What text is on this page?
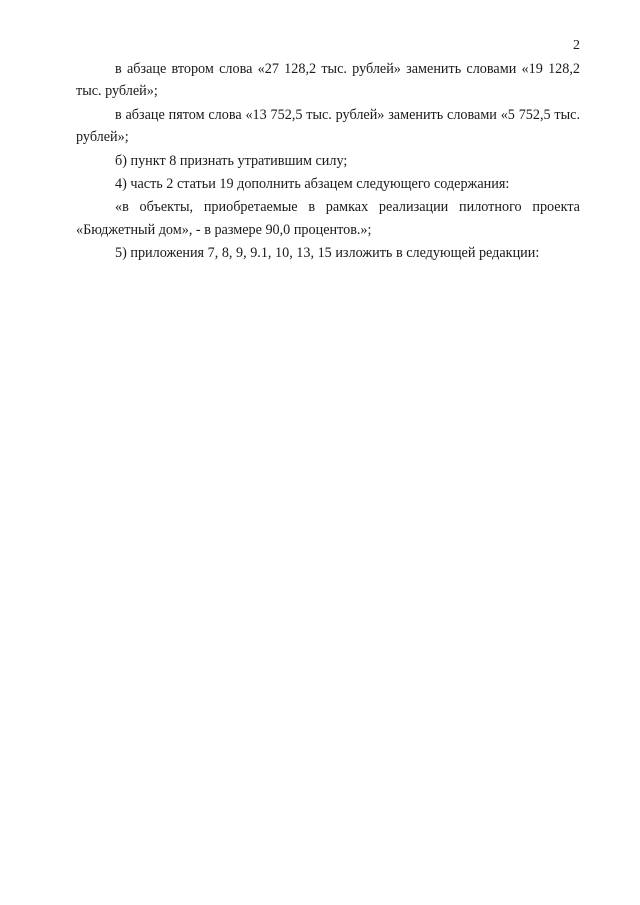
2

в абзаце втором слова «27 128,2 тыс. рублей» заменить словами «19 128,2 тыс. рублей»;

в абзаце пятом слова «13 752,5 тыс. рублей» заменить словами «5 752,5 тыс. рублей»;

б) пункт 8 признать утратившим силу;

4) часть 2 статьи 19 дополнить абзацем следующего содержания:

«в объекты, приобретаемые в рамках реализации пилотного проекта «Бюджетный дом», - в размере 90,0 процентов.»;

5) приложения 7, 8, 9, 9.1, 10, 13, 15 изложить в следующей редакции:
